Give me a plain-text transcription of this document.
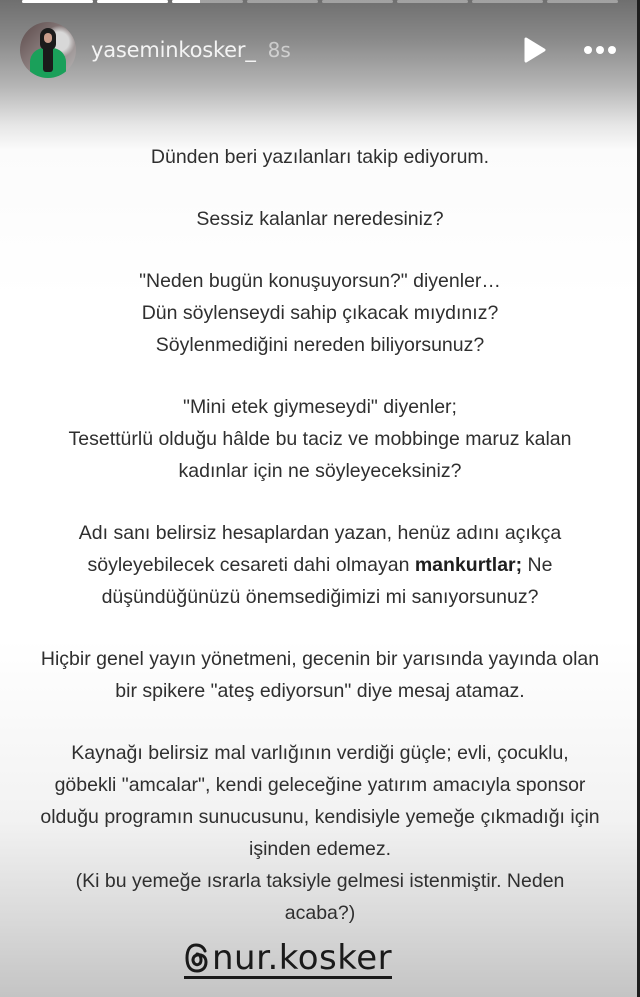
yaseminkosker_ 8s
Dünden beri yazılanları takip ediyorum.
Sessiz kalanlar neredesiniz?
"Neden bugün konuşuyorsun?" diyenler…
Dün söylenseydi sahip çıkacak mıydınız?
Söylenmediğini nereden biliyorsunuz?
"Mini etek giymeseydi" diyenler;
Tesettürlü olduğu hâlde bu taciz ve mobbinge maruz kalan
kadınlar için ne söyleyeceksiniz?
Adı sanı belirsiz hesaplardan yazan, henüz adını açıkça
söyleyebilecek cesareti dahi olmayan mankurtlar; Ne
düşündüğünüzü önemsediğimizi mi sanıyorsunuz?
Hiçbir genel yayın yönetmeni, gecenin bir yarısında yayında olan
bir spikere "ateş ediyorsun" diye mesaj atamaz.
Kaynağı belirsiz mal varlığının verdiği güçle; evli, çocuklu,
göbekli "amcalar", kendi geleceğine yatırım amacıyla sponsor
olduğu programın sunucusunu, kendisiyle yemeğe çıkmadığı için
işinden edemez.
(Ki bu yemeğe ısrarla taksiyle gelmesi istenmiştir. Neden
acaba?)
nur.kosker
